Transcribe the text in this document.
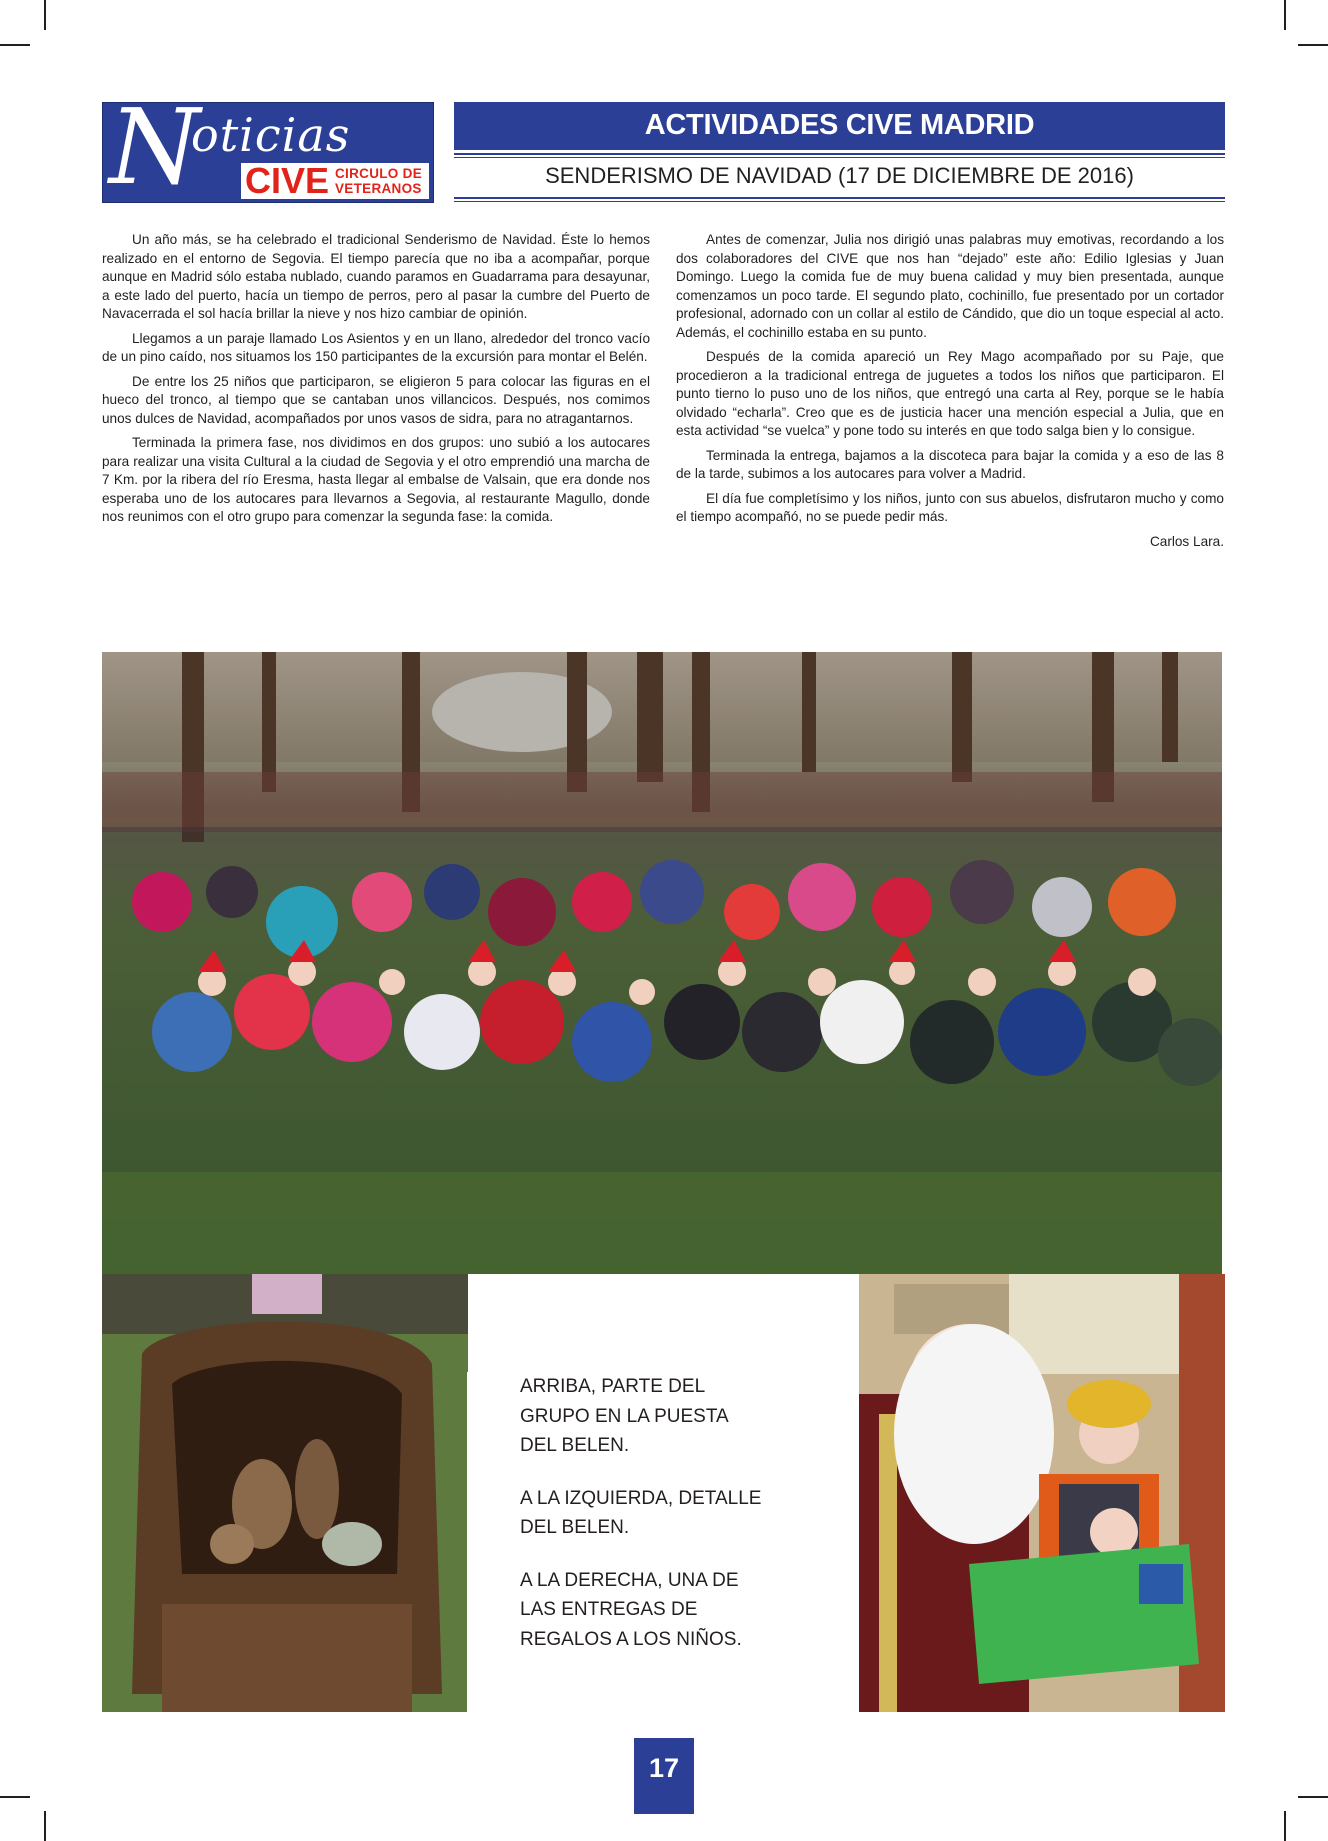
N
oticias
CIVE CIRCULO DE
VETERANOS
ACTIVIDADES CIVE MADRID
SENDERISMO DE NAVIDAD (17 DE DICIEMBRE DE 2016)

Un año más, se ha celebrado el tradicional Senderismo de Navidad. Éste lo hemos realizado en el entorno de Segovia. El tiempo parecía que no iba a acompañar, porque aunque en Madrid sólo estaba nublado, cuando paramos en Guadarrama para desayunar, a este lado del puerto, hacía un tiempo de perros, pero al pasar la cumbre del Puerto de Navacerrada el sol hacía brillar la nieve y nos hizo cambiar de opinión.

Llegamos a un paraje llamado Los Asientos y en un llano, alrededor del tronco vacío de un pino caído, nos situamos los 150 participantes de la excursión para montar el Belén.

De entre los 25 niños que participaron, se eligieron 5 para colocar las figuras en el hueco del tronco, al tiempo que se cantaban unos villancicos. Después, nos comimos unos dulces de Navidad, acompañados por unos vasos de sidra, para no atragantarnos.

Terminada la primera fase, nos dividimos en dos grupos: uno subió a los autocares para realizar una visita Cultural a la ciudad de Segovia y el otro emprendió una marcha de 7 Km. por la ribera del río Eresma, hasta llegar al embalse de Valsain, que era donde nos esperaba uno de los autocares para llevarnos a Segovia, al restaurante Magullo, donde nos reunimos con el otro grupo para comenzar la segunda fase: la comida.

Antes de comenzar, Julia nos dirigió unas palabras muy emotivas, recordando a los dos colaboradores del CIVE que nos han “dejado” este año: Edilio Iglesias y Juan Domingo. Luego la comida fue de muy buena calidad y muy bien presentada, aunque comenzamos un poco tarde. El segundo plato, cochinillo, fue presentado por un cortador profesional, adornado con un collar al estilo de Cándido, que dio un toque especial al acto. Además, el cochinillo estaba en su punto.

Después de la comida apareció un Rey Mago acompañado por su Paje, que procedieron a la tradicional entrega de juguetes a todos los niños que participaron. El punto tierno lo puso uno de los niños, que entregó una carta al Rey, porque se le había olvidado “echarla”. Creo que es de justicia hacer una mención especial a Julia, que en esta actividad “se vuelca” y pone todo su interés en que todo salga bien y lo consigue.

Terminada la entrega, bajamos a la discoteca para bajar la comida y a eso de las 8 de la tarde, subimos a los autocares para volver a Madrid.

El día fue completísimo y los niños, junto con sus abuelos, disfrutaron mucho y como el tiempo acompañó, no se puede pedir más.

Carlos Lara.

ARRIBA, PARTE DEL
GRUPO EN LA PUESTA
DEL BELEN.

A LA IZQUIERDA, DETALLE
DEL BELEN.

A LA DERECHA, UNA DE
LAS ENTREGAS DE
REGALOS A LOS NIÑOS.

17
